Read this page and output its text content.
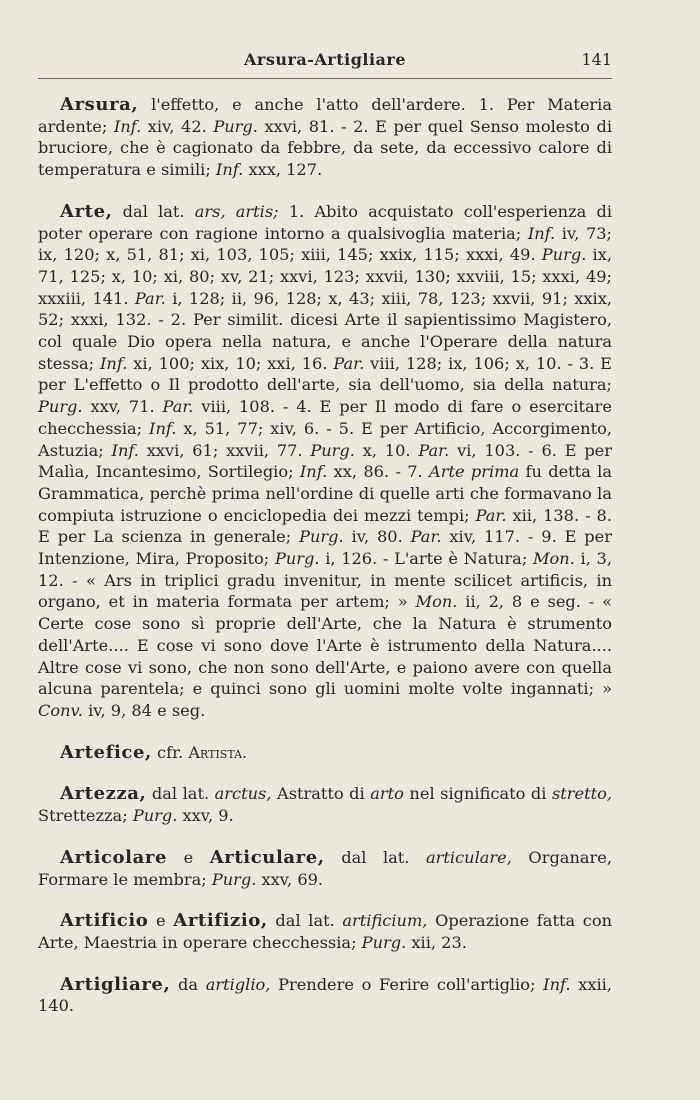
Arsura-Artigliare	141

Arsura, l'effetto, e anche l'atto dell'ardere. 1. Per Materia ardente; Inf. xiv, 42. Purg. xxvi, 81. - 2. E per quel Senso molesto di bruciore, che è cagionato da febbre, da sete, da eccessivo calore di temperatura e simili; Inf. xxx, 127.

Arte, dal lat. ars, artis; 1. Abito acquistato coll'esperienza di poter operare con ragione intorno a qualsivoglia materia; Inf. iv, 73; ix, 120; x, 51, 81; xi, 103, 105; xiii, 145; xxix, 115; xxxi, 49. Purg. ix, 71, 125; x, 10; xi, 80; xv, 21; xxvi, 123; xxvii, 130; xxviii, 15; xxxi, 49; xxxiii, 141. Par. i, 128; ii, 96, 128; x, 43; xiii, 78, 123; xxvii, 91; xxix, 52; xxxi, 132. - 2. Per similit. dicesi Arte il sapientissimo Magistero, col quale Dio opera nella natura, e anche l'Operare della natura stessa; Inf. xi, 100; xix, 10; xxi, 16. Par. viii, 128; ix, 106; x, 10. - 3. E per L'effetto o Il prodotto dell'arte, sia dell'uomo, sia della natura; Purg. xxv, 71. Par. viii, 108. - 4. E per Il modo di fare o esercitare checchessia; Inf. x, 51, 77; xiv, 6. - 5. E per Artificio, Accorgimento, Astuzia; Inf. xxvi, 61; xxvii, 77. Purg. x, 10. Par. vi, 103. - 6. E per Malìa, Incantesimo, Sortilegio; Inf. xx, 86. - 7. Arte prima fu detta la Grammatica, perchè prima nell'ordine di quelle arti che formavano la compiuta istruzione o enciclopedia dei mezzi tempi; Par. xii, 138. - 8. E per La scienza in generale; Purg. iv, 80. Par. xiv, 117. - 9. E per Intenzione, Mira, Proposito; Purg. i, 126. - L'arte è Natura; Mon. i, 3, 12. - « Ars in triplici gradu invenitur, in mente scilicet artificis, in organo, et in materia formata per artem; » Mon. ii, 2, 8 e seg. - « Certe cose sono sì proprie dell'Arte, che la Natura è strumento dell'Arte.... E cose vi sono dove l'Arte è istrumento della Natura.... Altre cose vi sono, che non sono dell'Arte, e paiono avere con quella alcuna parentela; e quinci sono gli uomini molte volte ingannati; » Conv. iv, 9, 84 e seg.

Artefice, cfr. Artista.

Artezza, dal lat. arctus, Astratto di arto nel significato di stretto, Strettezza; Purg. xxv, 9.

Articolare e Articulare, dal lat. articulare, Organare, Formare le membra; Purg. xxv, 69.

Artificio e Artifizio, dal lat. artificium, Operazione fatta con Arte, Maestria in operare checchessia; Purg. xii, 23.

Artigliare, da artiglio, Prendere o Ferire coll'artiglio; Inf. xxii, 140.
